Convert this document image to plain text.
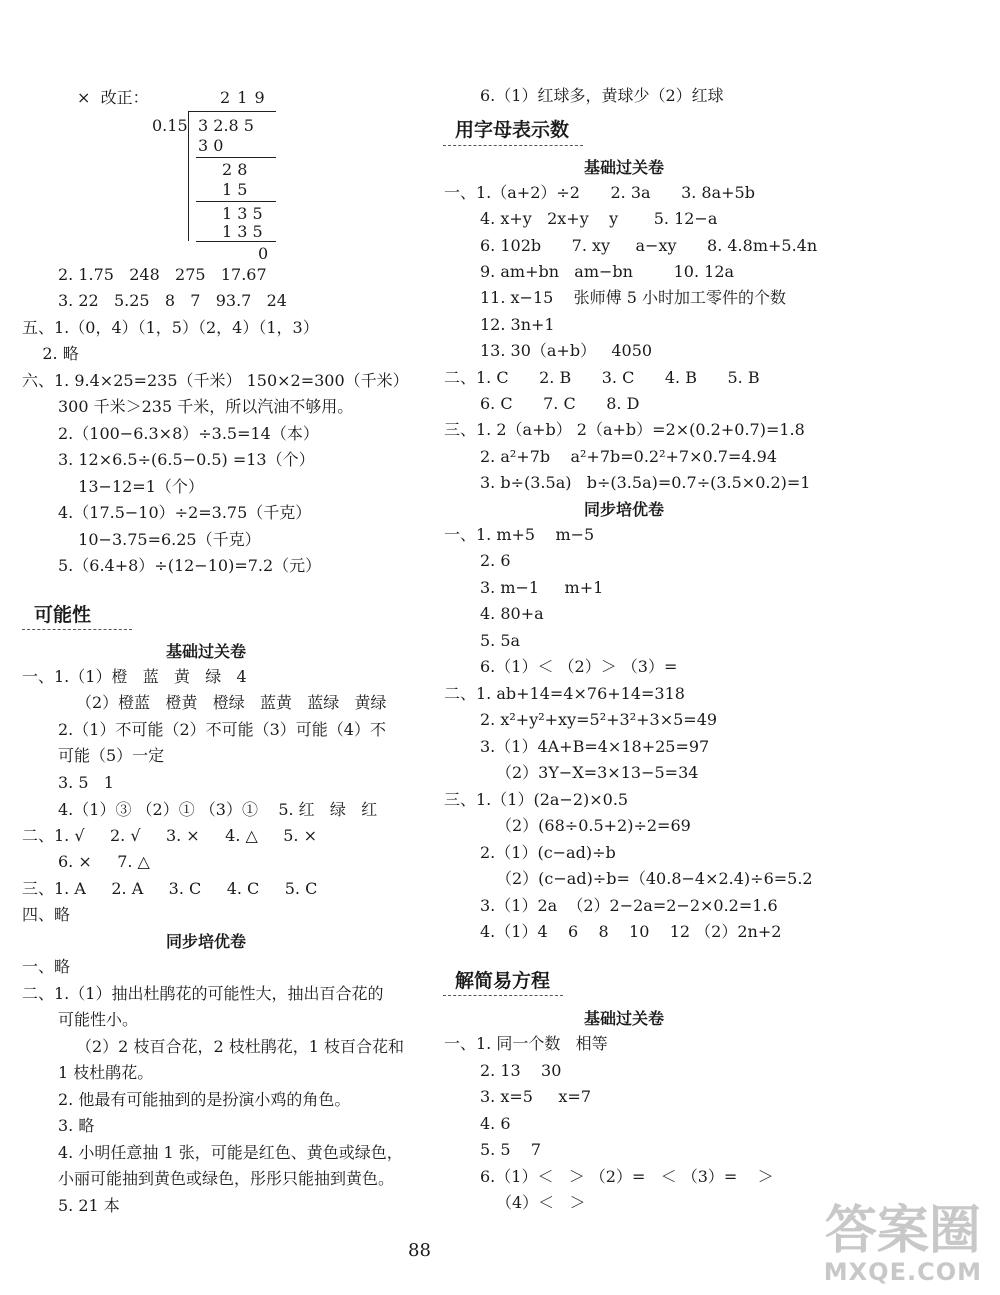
×  改正：	2 1 9
0.15 3 2.8 5
3 0
2 8
1 5
1 3 5
1 3 5
0
2. 1.75   248   275   17.67
3. 22   5.25   8   7   93.7   24
五、1.（0，4）（1，5）（2，4）（1，3）
2. 略
六、1. 9.4×25=235（千米） 150×2=300（千米）
300 千米＞235 千米，所以汽油不够用。
2.（100−6.3×8）÷3.5=14（本）
3. 12×6.5÷(6.5−0.5) =13（个）
13−12=1（个）
4.（17.5−10）÷2=3.75（千克）
10−3.75=6.25（千克）
5.（6.4+8）÷(12−10)=7.2（元）
可能性
基础过关卷
一、1.（1）橙   蓝   黄   绿   4
（2）橙蓝   橙黄   橙绿   蓝黄   蓝绿   黄绿
2.（1）不可能（2）不可能（3）可能（4）不
可能（5）一定
3. 5   1
4.（1）③ （2）① （3）①    5. 红   绿   红
二、1. √     2. √     3. ×     4. △     5. ×
6. ×     7. △
三、1. A     2. A     3. C     4. C     5. C
四、略
同步培优卷
一、略
二、1.（1）抽出杜鹃花的可能性大，抽出百合花的
可能性小。
（2）2 枝百合花，2 枝杜鹃花，1 枝百合花和
1 枝杜鹃花。
2. 他最有可能抽到的是扮演小鸡的角色。
3. 略
4. 小明任意抽 1 张，可能是红色、黄色或绿色，
小丽可能抽到黄色或绿色，彤彤只能抽到黄色。
5. 21 本
6.（1）红球多，黄球少（2）红球
用字母表示数
基础过关卷
一、1.（a+2）÷2      2. 3a      3. 8a+5b
4. x+y   2x+y    y       5. 12−a
6. 102b      7. xy     a−xy      8. 4.8m+5.4n
9. am+bn   am−bn        10. 12a
11. x−15    张师傅 5 小时加工零件的个数
12. 3n+1
13. 30（a+b）   4050
二、1. C      2. B      3. C      4. B      5. B
6. C      7. C      8. D
三、1. 2（a+b） 2（a+b）=2×(0.2+0.7)=1.8
2. a²+7b    a²+7b=0.2²+7×0.7=4.94
3. b÷(3.5a)   b÷(3.5a)=0.7÷(3.5×0.2)=1
同步培优卷
一、1. m+5    m−5
2. 6
3. m−1     m+1
4. 80+a
5. 5a
6.（1）＜ （2）＞ （3）=
二、1. ab+14=4×76+14=318
2. x²+y²+xy=5²+3²+3×5=49
3.（1）4A+B=4×18+25=97
（2）3Y−X=3×13−5=34
三、1.（1）(2a−2)×0.5
（2）(68÷0.5+2)÷2=69
2.（1）(c−ad)÷b
（2）(c−ad)÷b=（40.8−4×2.4)÷6=5.2
3.（1）2a  （2）2−2a=2−2×0.2=1.6
4.（1）4    6    8    10    12 （2）2n+2
解简易方程
基础过关卷
一、1. 同一个数   相等
2. 13    30
3. x=5     x=7
4. 6
5. 5    7
6.（1）＜   ＞ （2）=   ＜ （3）=    ＞
（4）＜   ＞
88	答案圈
MXQE.COM
